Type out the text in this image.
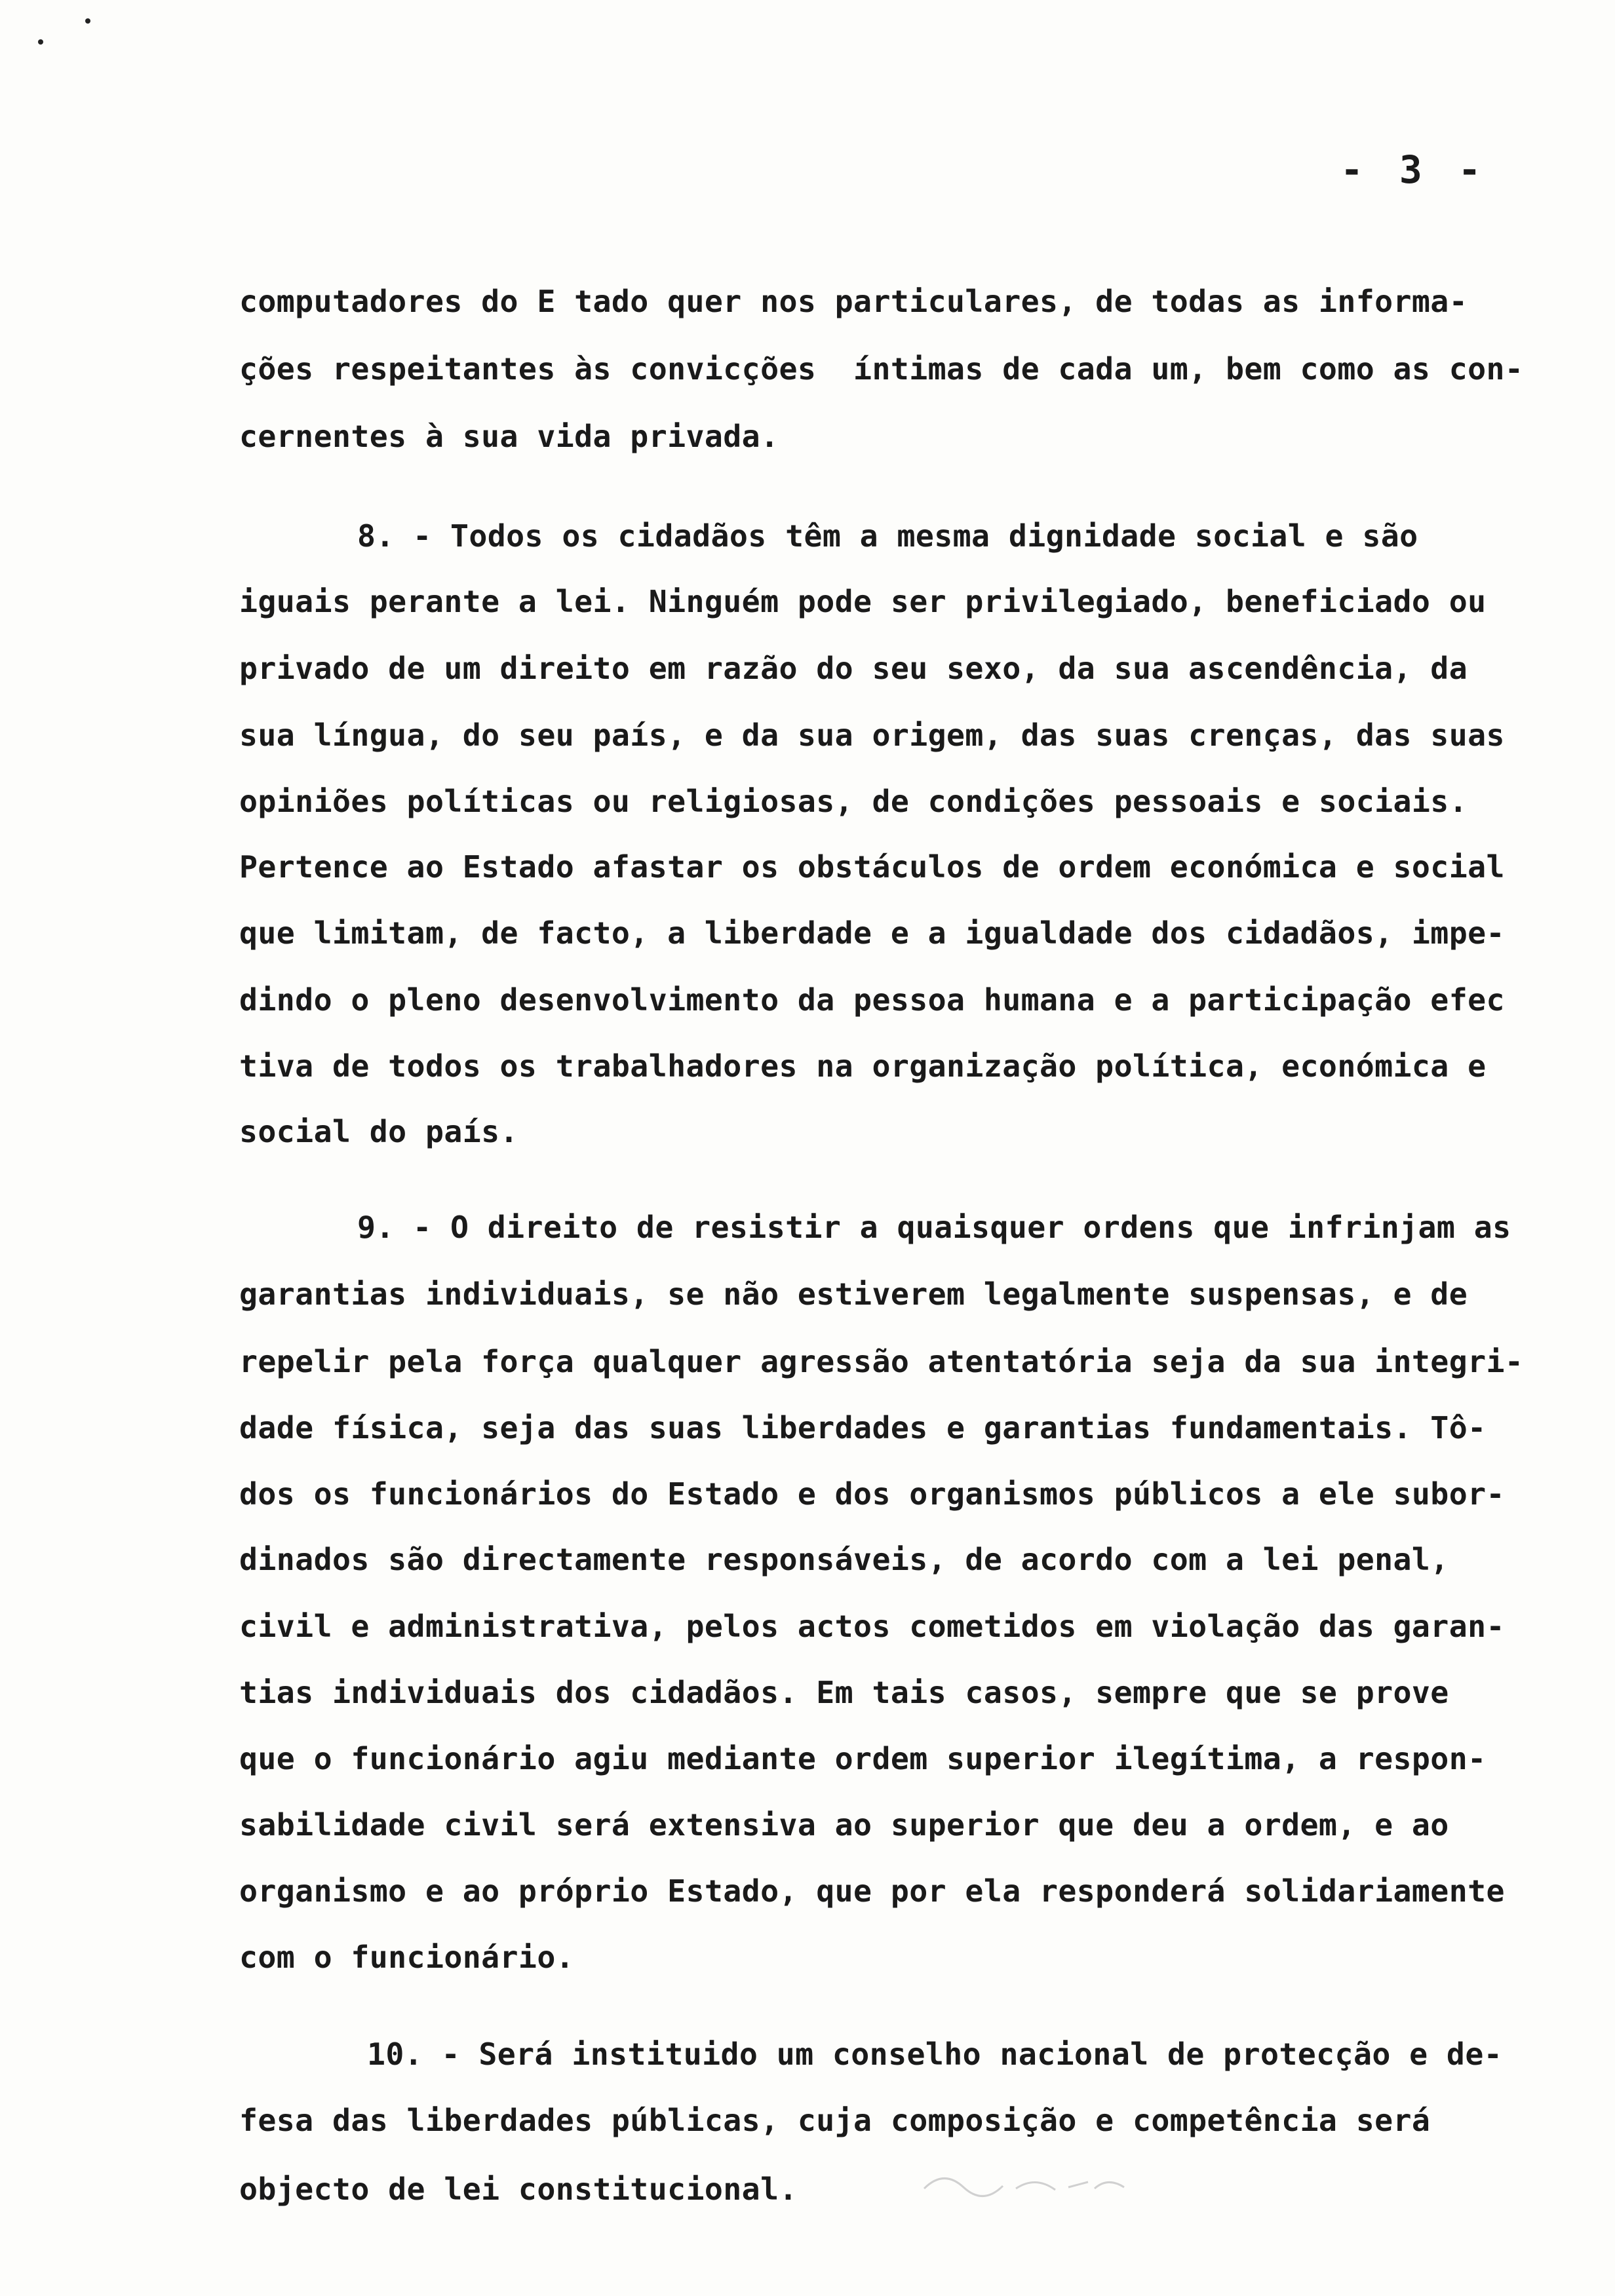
- 3 -
computadores do E tado quer nos particulares, de todas as informa-
ções respeitantes às convicções  íntimas de cada um, bem como as con-
cernentes à sua vida privada.
8. - Todos os cidadãos têm a mesma dignidade social e são
iguais perante a lei. Ninguém pode ser privilegiado, beneficiado ou
privado de um direito em razão do seu sexo, da sua ascendência, da
sua língua, do seu país, e da sua origem, das suas crenças, das suas
opiniões políticas ou religiosas, de condições pessoais e sociais.
Pertence ao Estado afastar os obstáculos de ordem económica e social
que limitam, de facto, a liberdade e a igualdade dos cidadãos, impe-
dindo o pleno desenvolvimento da pessoa humana e a participação efec
tiva de todos os trabalhadores na organização política, económica e
social do país.
9. - O direito de resistir a quaisquer ordens que infrinjam as
garantias individuais, se não estiverem legalmente suspensas, e de
repelir pela força qualquer agressão atentatória seja da sua integri-
dade física, seja das suas liberdades e garantias fundamentais. Tô-
dos os funcionários do Estado e dos organismos públicos a ele subor-
dinados são directamente responsáveis, de acordo com a lei penal,
civil e administrativa, pelos actos cometidos em violação das garan-
tias individuais dos cidadãos. Em tais casos, sempre que se prove
que o funcionário agiu mediante ordem superior ilegítima, a respon-
sabilidade civil será extensiva ao superior que deu a ordem, e ao
organismo e ao próprio Estado, que por ela responderá solidariamente
com o funcionário.
10. - Será instituido um conselho nacional de protecção e de-
fesa das liberdades públicas, cuja composição e competência será
objecto de lei constitucional.
